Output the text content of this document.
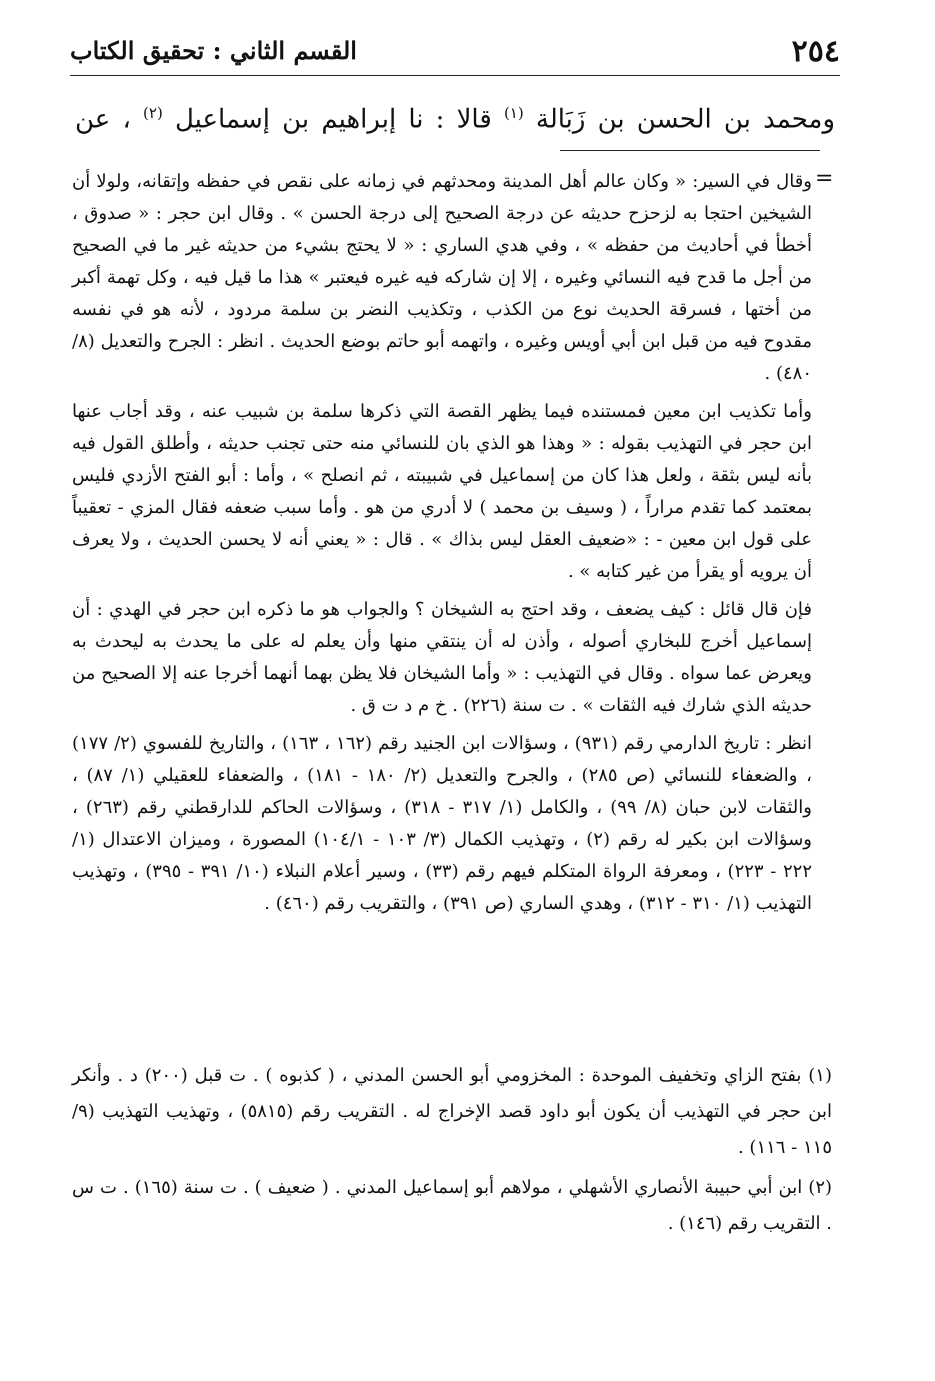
٢٥٤
القسم الثاني : تحقيق الكتاب
ومحمد بن الحسن بن زَبَالة $^{(١)}$ قالا : نا إبراهيم بن إسماعيل $^{(٢)}$ ، عن
=

وقال في السير: « وكان عالم أهل المدينة ومحدثهم في زمانه على نقص في حفظه وإتقانه، ولولا أن الشيخين احتجا به لزحزح حديثه عن درجة الصحيح إلى درجة الحسن » . وقال ابن حجر : « صدوق ، أخطأ في أحاديث من حفظه » ، وفي هدي الساري : « لا يحتج بشيء من حديثه غير ما في الصحيح من أجل ما قدح فيه النسائي وغيره ، إلا إن شاركه فيه غيره فيعتبر » هذا ما قيل فيه ، وكل تهمة أكبر من أختها ، فسرقة الحديث نوع من الكذب ، وتكذيب النضر بن سلمة مردود ، لأنه هو في نفسه مقدوح فيه من قبل ابن أبي أويس وغيره ، واتهمه أبو حاتم بوضع الحديث . انظر : الجرح والتعديل (٨/ ٤٨٠) .

وأما تكذيب ابن معين فمستنده فيما يظهر القصة التي ذكرها سلمة بن شبيب عنه ، وقد أجاب عنها ابن حجر في التهذيب بقوله : « وهذا هو الذي بان للنسائي منه حتى تجنب حديثه ، وأطلق القول فيه بأنه ليس بثقة ، ولعل هذا كان من إسماعيل في شبيبته ، ثم انصلح » ، وأما : أبو الفتح الأزدي فليس بمعتمد كما تقدم مراراً ، ( وسيف بن محمد ) لا أدري من هو . وأما سبب ضعفه فقال المزي - تعقيباً على قول ابن معين - : «ضعيف العقل ليس بذاك » . قال : « يعني أنه لا يحسن الحديث ، ولا يعرف أن يرويه أو يقرأ من غير كتابه » .

فإن قال قائل : كيف يضعف ، وقد احتج به الشيخان ؟ والجواب هو ما ذكره ابن حجر في الهدي : أن إسماعيل أخرج للبخاري أصوله ، وأذن له أن ينتقي منها وأن يعلم له على ما يحدث به ليحدث به ويعرض عما سواه . وقال في التهذيب : « وأما الشيخان فلا يظن بهما أنهما أخرجا عنه إلا الصحيح من حديثه الذي شارك فيه الثقات » . ت سنة (٢٢٦) . خ م د ت ق .

انظر : تاريخ الدارمي رقم (٩٣١) ، وسؤالات ابن الجنيد رقم (١٦٢ ، ١٦٣) ، والتاريخ للفسوي (٢/ ١٧٧) ، والضعفاء للنسائي (ص ٢٨٥) ، والجرح والتعديل (٢/ ١٨٠ - ١٨١) ، والضعفاء للعقيلي (١/ ٨٧) ، والثقات لابن حبان (٨/ ٩٩) ، والكامل (١/ ٣١٧ - ٣١٨) ، وسؤالات الحاكم للدارقطني رقم (٢٦٣) ، وسؤالات ابن بكير له رقم (٢) ، وتهذيب الكمال (٣/ ١٠٣ - ١٠٤/١) المصورة ، وميزان الاعتدال (١/ ٢٢٢ - ٢٢٣) ، ومعرفة الرواة المتكلم فيهم رقم (٣٣) ، وسير أعلام النبلاء (١٠/ ٣٩١ - ٣٩٥) ، وتهذيب التهذيب (١/ ٣١٠ - ٣١٢) ، وهدي الساري (ص ٣٩١) ، والتقريب رقم (٤٦٠) .

(١) بفتح الزاي وتخفيف الموحدة : المخزومي أبو الحسن المدني ، ( كذبوه ) . ت قبل (٢٠٠) د . وأنكر ابن حجر في التهذيب أن يكون أبو داود قصد الإخراج له . التقريب رقم (٥٨١٥) ، وتهذيب التهذيب (٩/ ١١٥ - ١١٦) .
(٢) ابن أبي حبيبة الأنصاري الأشهلي ، مولاهم أبو إسماعيل المدني . ( ضعيف ) . ت سنة (١٦٥) . ت س . التقريب رقم (١٤٦) .
